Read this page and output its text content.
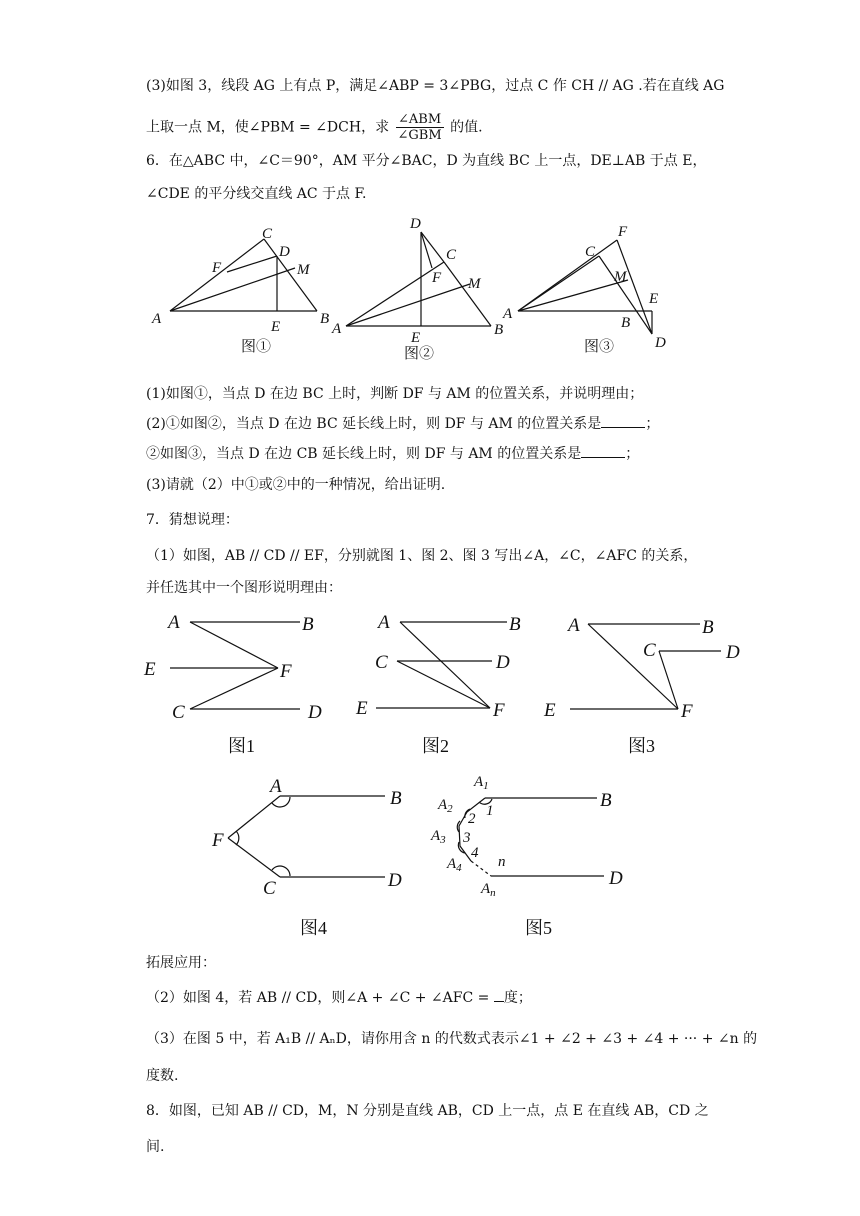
(3)如图 3，线段 AG 上有点 P，满足∠ABP = 3∠PBG，过点 C 作 CH // AG .若在直线 AG
上取一点 M，使∠PBM = ∠DCH，求 $\frac{\text{∠ABM}}{\text{∠GBM}}$ 的值.
6．在△ABC 中，∠C＝90°，AM 平分∠BAC，D 为直线 BC 上一点，DE⊥AB 于点 E，
∠CDE 的平分线交直线 AC 于点 F.
C
D
F	M
A	E	B
图①
D
C
F M
A
E	B
图②
C
F
M
E
A
B
D
图③
A	B
E	F
C	D
图1
A	B
C	D
E	F
图2
A	B
C	D
E	F
图3
A
B
F
C	D
图4
$A_1$
1	B
$A_2$
2
$A_3$ 3
$A_4$
4
n
$A_n$
D
图5
(1)如图①，当点 D 在边 BC 上时，判断 DF 与 AM 的位置关系，并说明理由；
(2)①如图②，当点 D 在边 BC 延长线上时，则 DF 与 AM 的位置关系是	；
②如图③，当点 D 在边 CB 延长线上时，则 DF 与 AM 的位置关系是	；
(3)请就（2）中①或②中的一种情况，给出证明.
7．猜想说理：
（1）如图，AB // CD // EF，分别就图 1、图 2、图 3 写出∠A，∠C，∠AFC 的关系，
并任选其中一个图形说明理由：
拓展应用：
（2）如图 4，若 AB // CD，则∠A + ∠C + ∠AFC = 度；
（3）在图 5 中，若 A₁B // AₙD，请你用含 n 的代数式表示∠1 + ∠2 + ∠3 + ∠4 + ··· + ∠n 的
度数.
8．如图，已知 AB // CD，M，N 分别是直线 AB，CD 上一点，点 E 在直线 AB，CD 之
间.
